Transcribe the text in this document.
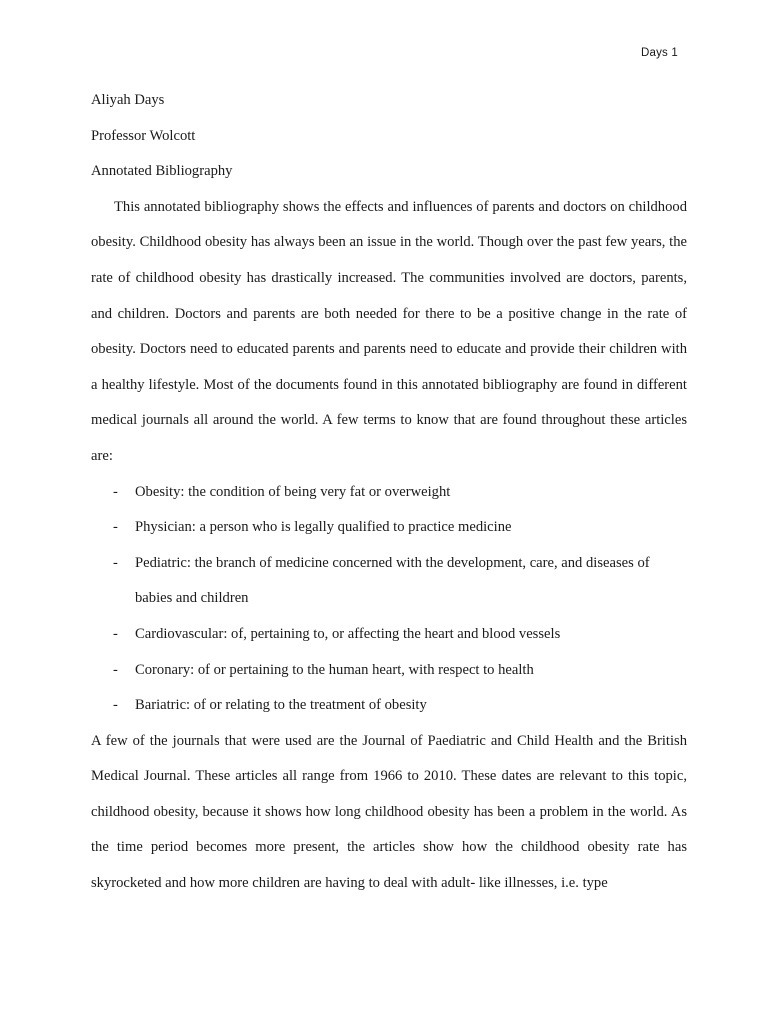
Days 1

Aliyah Days

Professor Wolcott

Annotated Bibliography

This annotated bibliography shows the effects and influences of parents and doctors on childhood obesity. Childhood obesity has always been an issue in the world. Though over the past few years, the rate of childhood obesity has drastically increased. The communities involved are doctors, parents, and children. Doctors and parents are both needed for there to be a positive change in the rate of obesity. Doctors need to educated parents and parents need to educate and provide their children with a healthy lifestyle. Most of the documents found in this annotated bibliography are found in different medical journals all around the world. A few terms to know that are found throughout these articles are:

- Obesity: the condition of being very fat or overweight
- Physician: a person who is legally qualified to practice medicine
- Pediatric: the branch of medicine concerned with the development, care, and diseases of babies and children
- Cardiovascular: of, pertaining to, or affecting the heart and blood vessels
- Coronary: of or pertaining to the human heart, with respect to health
- Bariatric: of or relating to the treatment of obesity

A few of the journals that were used are the Journal of Paediatric and Child Health and the British Medical Journal. These articles all range from 1966 to 2010. These dates are relevant to this topic, childhood obesity, because it shows how long childhood obesity has been a problem in the world. As the time period becomes more present, the articles show how the childhood obesity rate has skyrocketed and how more children are having to deal with adult- like illnesses, i.e. type
